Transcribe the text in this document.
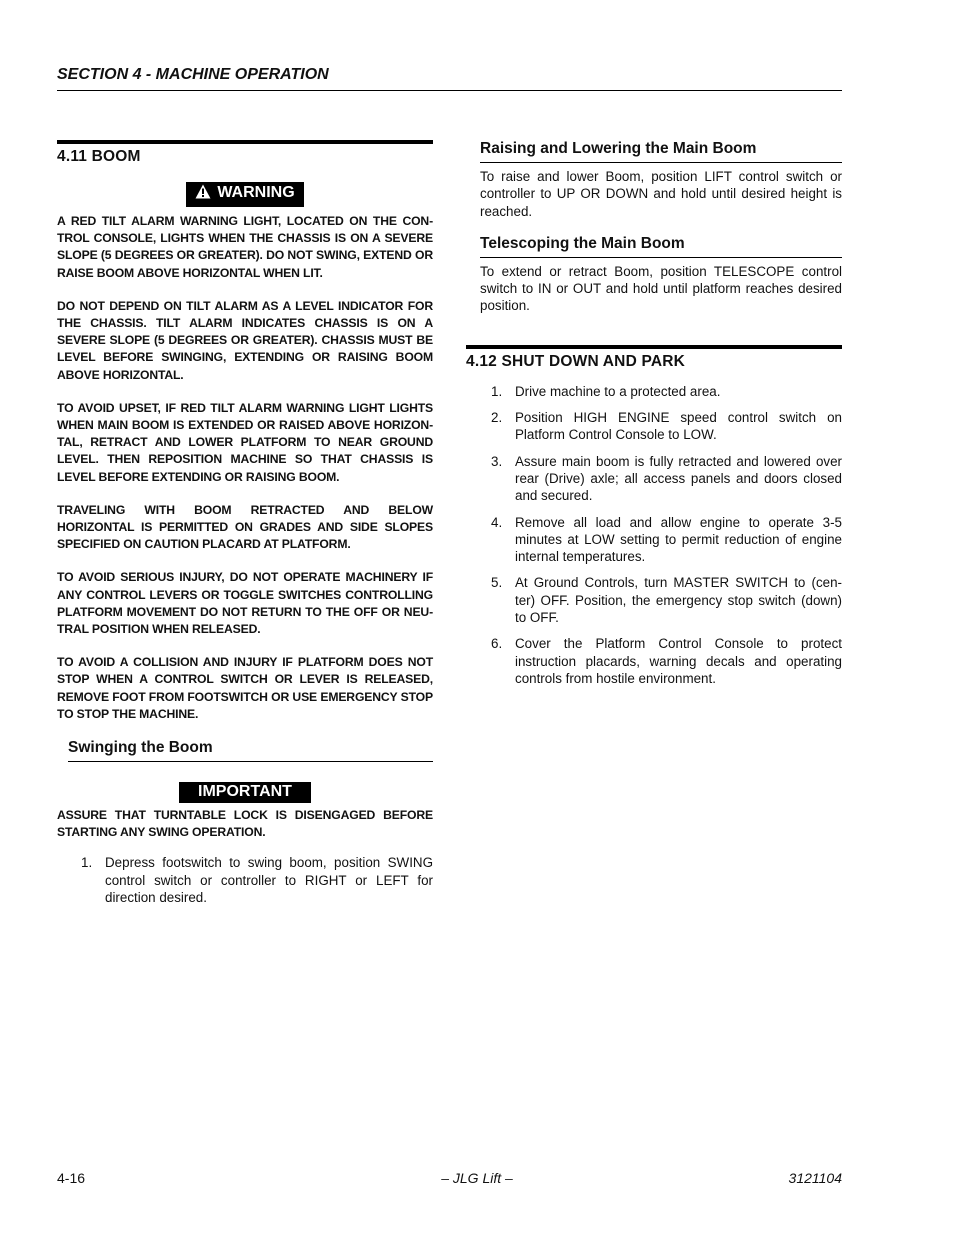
SECTION 4 - MACHINE OPERATION
4.11 BOOM
WARNING

A RED TILT ALARM WARNING LIGHT, LOCATED ON THE CON-TROL CONSOLE, LIGHTS WHEN THE CHASSIS IS ON A SEVERE SLOPE (5 DEGREES OR GREATER). DO NOT SWING, EXTEND OR RAISE BOOM ABOVE HORIZONTAL WHEN LIT.

DO NOT DEPEND ON TILT ALARM AS A LEVEL INDICATOR FOR THE CHASSIS. TILT ALARM INDICATES CHASSIS IS ON A SEVERE SLOPE (5 DEGREES OR GREATER). CHASSIS MUST BE LEVEL BEFORE SWINGING, EXTENDING OR RAISING BOOM ABOVE HORIZONTAL.

TO AVOID UPSET, IF RED TILT ALARM WARNING LIGHT LIGHTS WHEN MAIN BOOM IS EXTENDED OR RAISED ABOVE HORIZON-TAL, RETRACT AND LOWER PLATFORM TO NEAR GROUND LEVEL. THEN REPOSITION MACHINE SO THAT CHASSIS IS LEVEL BEFORE EXTENDING OR RAISING BOOM.

TRAVELING WITH BOOM RETRACTED AND BELOW HORIZONTAL IS PERMITTED ON GRADES AND SIDE SLOPES SPECIFIED ON CAUTION PLACARD AT PLATFORM.

TO AVOID SERIOUS INJURY, DO NOT OPERATE MACHINERY IF ANY CONTROL LEVERS OR TOGGLE SWITCHES CONTROLLING PLATFORM MOVEMENT DO NOT RETURN TO THE OFF OR NEU-TRAL POSITION WHEN RELEASED.

TO AVOID A COLLISION AND INJURY IF PLATFORM DOES NOT STOP WHEN A CONTROL SWITCH OR LEVER IS RELEASED, REMOVE FOOT FROM FOOTSWITCH OR USE EMERGENCY STOP TO STOP THE MACHINE.

Swinging the Boom
IMPORTANT

ASSURE THAT TURNTABLE LOCK IS DISENGAGED BEFORE STARTING ANY SWING OPERATION.

1. Depress footswitch to swing boom, position SWING control switch or controller to RIGHT or LEFT for direction desired.
Raising and Lowering the Main Boom

To raise and lower Boom, position LIFT control switch or controller to UP OR DOWN and hold until desired height is reached.

Telescoping the Main Boom

To extend or retract Boom, position TELESCOPE control switch to IN or OUT and hold until platform reaches desired position.

4.12 SHUT DOWN AND PARK
1. Drive machine to a protected area.
2. Position HIGH ENGINE speed control switch on Platform Control Console to LOW.
3. Assure main boom is fully retracted and lowered over rear (Drive) axle; all access panels and doors closed and secured.
4. Remove all load and allow engine to operate 3-5 minutes at LOW setting to permit reduction of engine internal temperatures.
5. At Ground Controls, turn MASTER SWITCH to (cen-ter) OFF. Position, the emergency stop switch (down) to OFF.
6. Cover the Platform Control Console to protect instruction placards, warning decals and operating controls from hostile environment.
4-16	– JLG Lift –	3121104
